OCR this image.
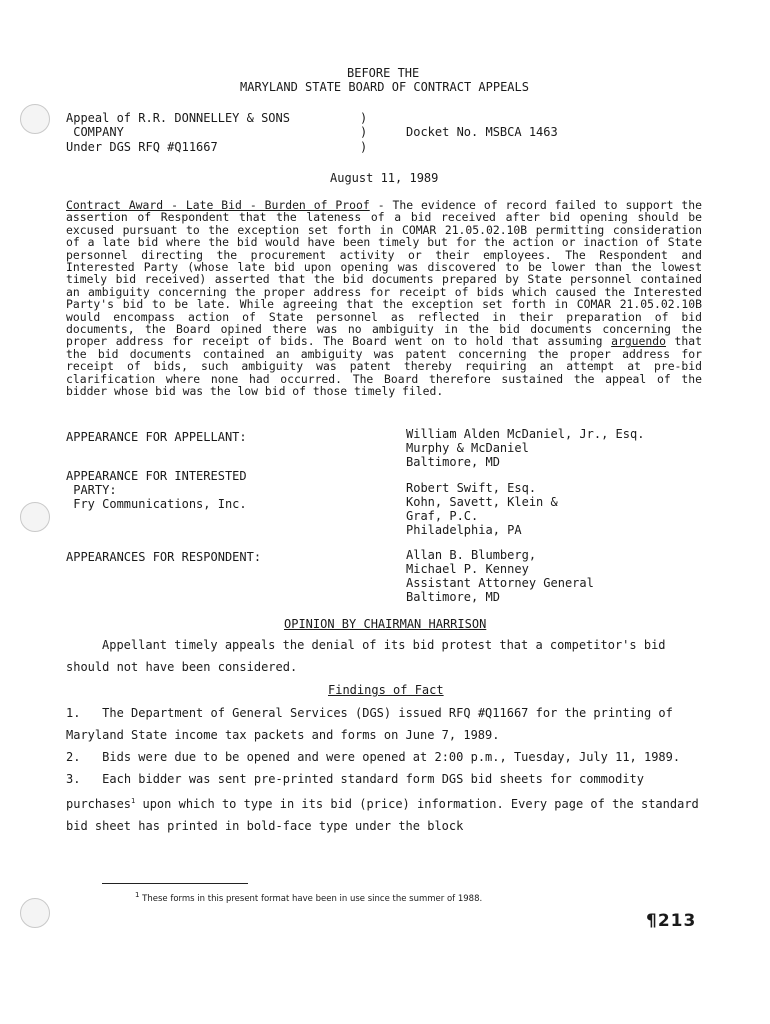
BEFORE THE
MARYLAND STATE BOARD OF CONTRACT APPEALS
Appeal of R.R. DONNELLEY & SONS
COMPANY
Under DGS RFQ #Q11667
)
)
)
Docket No. MSBCA 1463
August 11, 1989
Contract Award - Late Bid - Burden of Proof - The evidence of record failed to support the assertion of Respondent that the lateness of a bid received after bid opening should be excused pursuant to the exception set forth in COMAR 21.05.02.10B permitting consideration of a late bid where the bid would have been timely but for the action or inaction of State personnel directing the procurement activity or their employees. The Respondent and Interested Party (whose late bid upon opening was discovered to be lower than the lowest timely bid received) asserted that the bid documents prepared by State personnel contained an ambiguity concerning the proper address for receipt of bids which caused the Interested Party's bid to be late. While agreeing that the exception set forth in COMAR 21.05.02.10B would encompass action of State personnel as reflected in their preparation of bid documents, the Board opined there was no ambiguity in the bid documents concerning the proper address for receipt of bids. The Board went on to hold that assuming arguendo that the bid documents contained an ambiguity was patent concerning the proper address for receipt of bids, such ambiguity was patent thereby requiring an attempt at pre-bid clarification where none had occurred. The Board therefore sustained the appeal of the bidder whose bid was the low bid of those timely filed.
APPEARANCE FOR APPELLANT:	William Alden McDaniel, Jr., Esq.
Murphy & McDaniel
Baltimore, MD
APPEARANCE FOR INTERESTED
PARTY:
Fry Communications, Inc.
Robert Swift, Esq.
Kohn, Savett, Klein &
Graf, P.C.
Philadelphia, PA
APPEARANCES FOR RESPONDENT:	Allan B. Blumberg,
Michael P. Kenney
Assistant Attorney General
Baltimore, MD
OPINION BY CHAIRMAN HARRISON
Appellant timely appeals the denial of its bid protest that a competitor's bid should not have been considered.
Findings of Fact
1. The Department of General Services (DGS) issued RFQ #Q11667 for the printing of Maryland State income tax packets and forms on June 7, 1989.
2. Bids were due to be opened and were opened at 2:00 p.m., Tuesday, July 11, 1989.
3. Each bidder was sent pre-printed standard form DGS bid sheets for commodity purchases$^1$ upon which to type in its bid (price) information. Every page of the standard bid sheet has printed in bold-face type under the block
$^1$ These forms in this present format have been in use since the summer of 1988.
¶213
